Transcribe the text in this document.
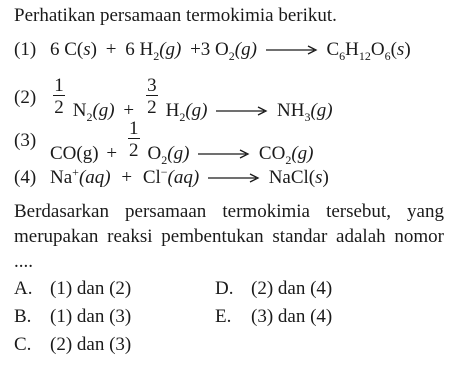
Perhatikan persamaan termokimia berikut.
(1) 6 C(s) + 6 H2(g) +3 O2(g)	C6H12O6(s)
$(2) \frac{1}{2} N2(g) + \frac{3}{2} H2(g)$	NH3(g)
(3)
$CO(g) + \frac{1}{2} O2(g)$	CO2(g)
(4) Na+(aq) + Cl−(aq)	NaCl(s)
Berdasarkan persamaan termokimia tersebut, yang merupakan reaksi pembentukan standar adalah nomor ....
A. (1) dan (2)
B. (1) dan (3)
C. (2) dan (3)
D. (2) dan (4)
E. (3) dan (4)
